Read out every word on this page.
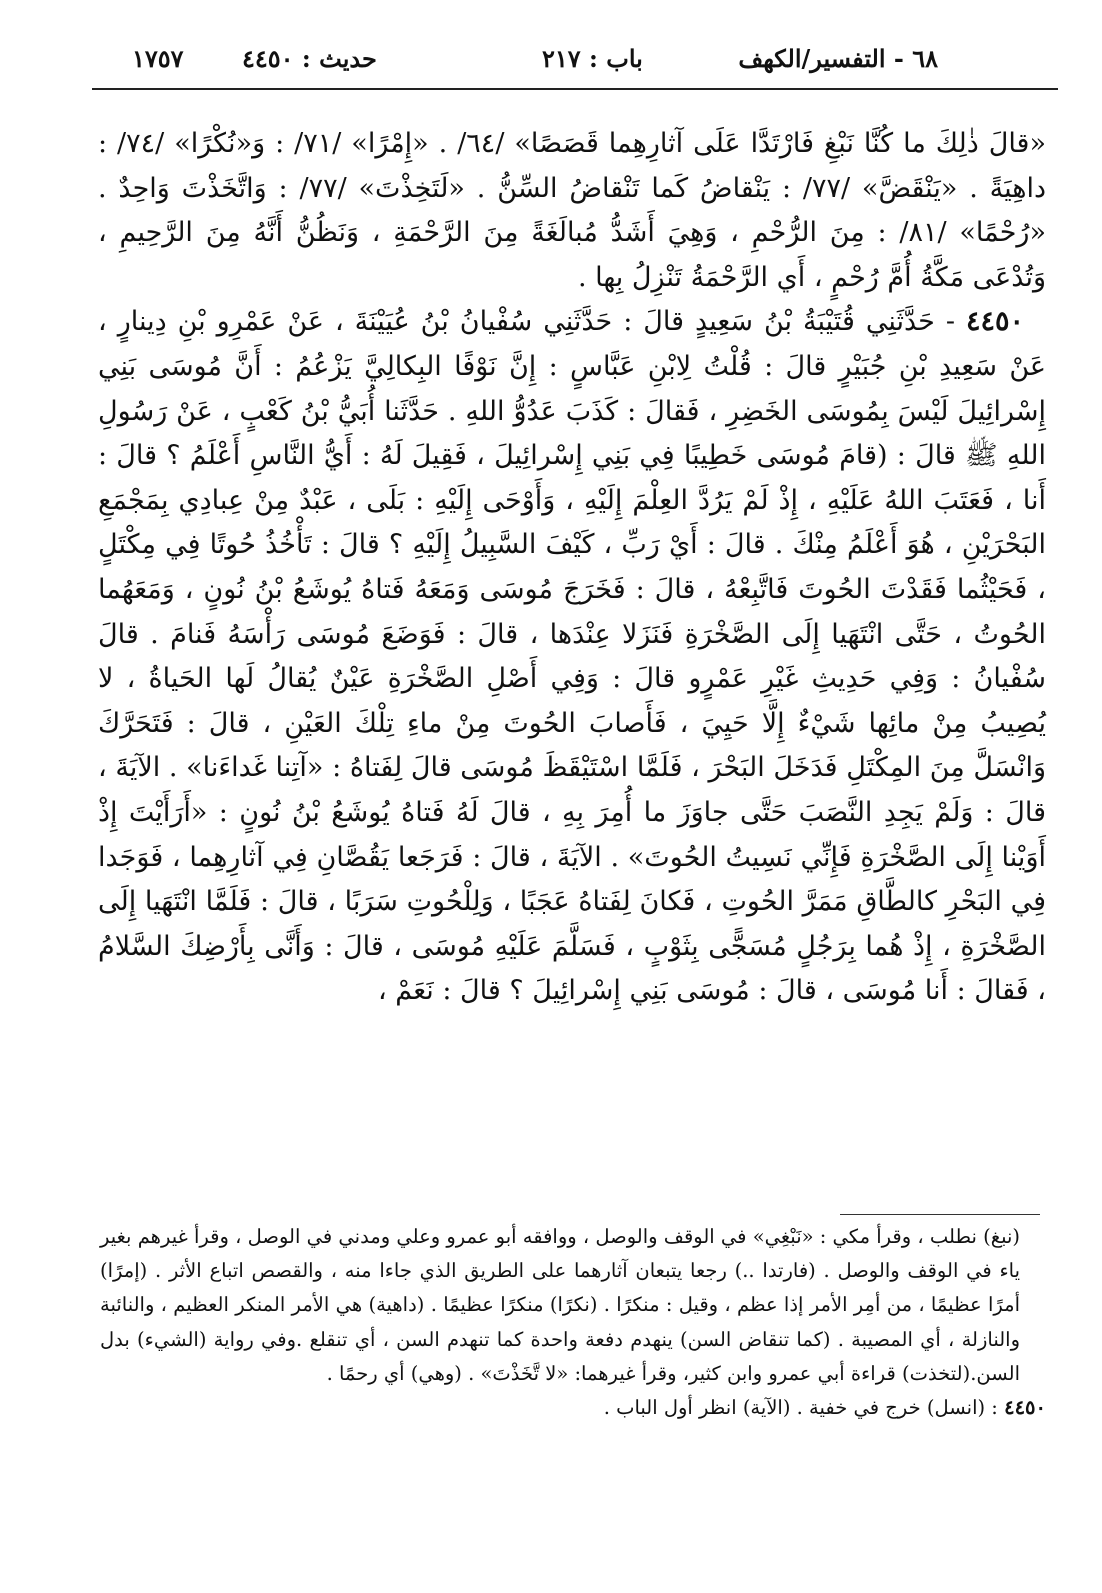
٦٨ - التفسير/الكهف
باب : ٢١٧
حديث : ٤٤٥٠
١٧٥٧

«قالَ ذٰلِكَ ما كُنَّا نَبْغِ فَارْتَدَّا عَلَى آثارِهِما قَصَصًا» /٦٤/ . «إِمْرًا» /٧١/ : وَ«نُكْرًا» /٧٤/ : داهِيَةً . «يَنْقَضَّ» /٧٧/ : يَنْقاضُ كَما تَنْقاضُ السِّنُّ . «لَتَخِذْتَ» /٧٧/ : وَاتَّخَذْتَ وَاحِدٌ . «رُحْمًا» /٨١/ : مِنَ الرُّحْمِ ، وَهِيَ أَشَدُّ مُبالَغَةً مِنَ الرَّحْمَةِ ، وَنَظُنُّ أَنَّهُ مِنَ الرَّحِيمِ ، وَتُدْعَى مَكَّةُ أُمَّ رُحْمٍ ، أَي الرَّحْمَةُ تَنْزِلُ بِها .

٤٤٥٠ - حَدَّثَنِي قُتَيْبَةُ بْنُ سَعِيدٍ قالَ : حَدَّثَنِي سُفْيانُ بْنُ عُيَيْنَةَ ، عَنْ عَمْرِو بْنِ دِينارٍ ، عَنْ سَعِيدِ بْنِ جُبَيْرٍ قالَ : قُلْتُ لِابْنِ عَبَّاسٍ : إِنَّ نَوْفًا البِكالِيَّ يَزْعُمُ : أَنَّ مُوسَى بَنِي إِسْرائِيلَ لَيْسَ بِمُوسَى الخَضِرِ ، فَقالَ : كَذَبَ عَدُوُّ اللهِ . حَدَّثَنا أُبَيُّ بْنُ كَعْبٍ ، عَنْ رَسُولِ اللهِ ﷺ قالَ : (قامَ مُوسَى خَطِيبًا فِي بَنِي إِسْرائِيلَ ، فَقِيلَ لَهُ : أَيُّ النَّاسِ أَعْلَمُ ؟ قالَ : أَنا ، فَعَتَبَ اللهُ عَلَيْهِ ، إِذْ لَمْ يَرُدَّ العِلْمَ إِلَيْهِ ، وَأَوْحَى إِلَيْهِ : بَلَى ، عَبْدٌ مِنْ عِبادِي بِمَجْمَعِ البَحْرَيْنِ ، هُوَ أَعْلَمُ مِنْكَ . قالَ : أَيْ رَبِّ ، كَيْفَ السَّبِيلُ إِلَيْهِ ؟ قالَ : تَأْخُذُ حُوتًا فِي مِكْتَلٍ ، فَحَيْثُما فَقَدْتَ الحُوتَ فَاتَّبِعْهُ ، قالَ : فَخَرَجَ مُوسَى وَمَعَهُ فَتاهُ يُوشَعُ بْنُ نُونٍ ، وَمَعَهُما الحُوتُ ، حَتَّى انْتَهَيا إِلَى الصَّخْرَةِ فَنَزَلا عِنْدَها ، قالَ : فَوَضَعَ مُوسَى رَأْسَهُ فَنامَ . قالَ سُفْيانُ : وَفِي حَدِيثِ غَيْرِ عَمْرٍو قالَ : وَفِي أَصْلِ الصَّخْرَةِ عَيْنٌ يُقالُ لَها الحَياةُ ، لا يُصِيبُ مِنْ مائِها شَيْءٌ إِلَّا حَيِيَ ، فَأَصابَ الحُوتَ مِنْ ماءِ تِلْكَ العَيْنِ ، قالَ : فَتَحَرَّكَ وَانْسَلَّ مِنَ المِكْتَلِ فَدَخَلَ البَحْرَ ، فَلَمَّا اسْتَيْقَظَ مُوسَى قالَ لِفَتاهُ : «آتِنا غَداءَنا» . الآيَةَ ، قالَ : وَلَمْ يَجِدِ النَّصَبَ حَتَّى جاوَزَ ما أُمِرَ بِهِ ، قالَ لَهُ فَتاهُ يُوشَعُ بْنُ نُونٍ : «أَرَأَيْتَ إِذْ أَوَيْنا إِلَى الصَّخْرَةِ فَإِنِّي نَسِيتُ الحُوتَ» . الآيَةَ ، قالَ : فَرَجَعا يَقُصَّانِ فِي آثارِهِما ، فَوَجَدا فِي البَحْرِ كالطَّاقِ مَمَرَّ الحُوتِ ، فَكانَ لِفَتاهُ عَجَبًا ، وَلِلْحُوتِ سَرَبًا ، قالَ : فَلَمَّا انْتَهَيا إِلَى الصَّخْرَةِ ، إِذْ هُما بِرَجُلٍ مُسَجًّى بِثَوْبٍ ، فَسَلَّمَ عَلَيْهِ مُوسَى ، قالَ : وَأَنَّى بِأَرْضِكَ السَّلامُ ، فَقالَ : أَنا مُوسَى ، قالَ : مُوسَى بَنِي إِسْرائِيلَ ؟ قالَ : نَعَمْ ،

(نبغ) نطلب ، وقرأ مكي : «نَبْغِي» في الوقف والوصل ، ووافقه أبو عمرو وعلي ومدني في الوصل ، وقرأ غيرهم بغير ياء في الوقف والوصل . (فارتدا ..) رجعا يتبعان آثارهما على الطريق الذي جاءا منه ، والقصص اتباع الأثر . (إمرًا) أمرًا عظيمًا ، من أمِر الأمر إذا عظم ، وقيل : منكرًا . (نكرًا) منكرًا عظيمًا . (داهية) هي الأمر المنكر العظيم ، والنائبة والنازلة ، أي المصيبة . (كما تنقاض السن) ينهدم دفعة واحدة كما تنهدم السن ، أي تنقلع .وفي رواية (الشيء) بدل السن.(لتخذت) قراءة أبي عمرو وابن كثير، وقرأ غيرهما: «لا تَّخَذْتَ» . (وهي) أي رحمًا .

٤٤٥٠ : (انسل) خرج في خفية . (الآية) انظر أول الباب .
